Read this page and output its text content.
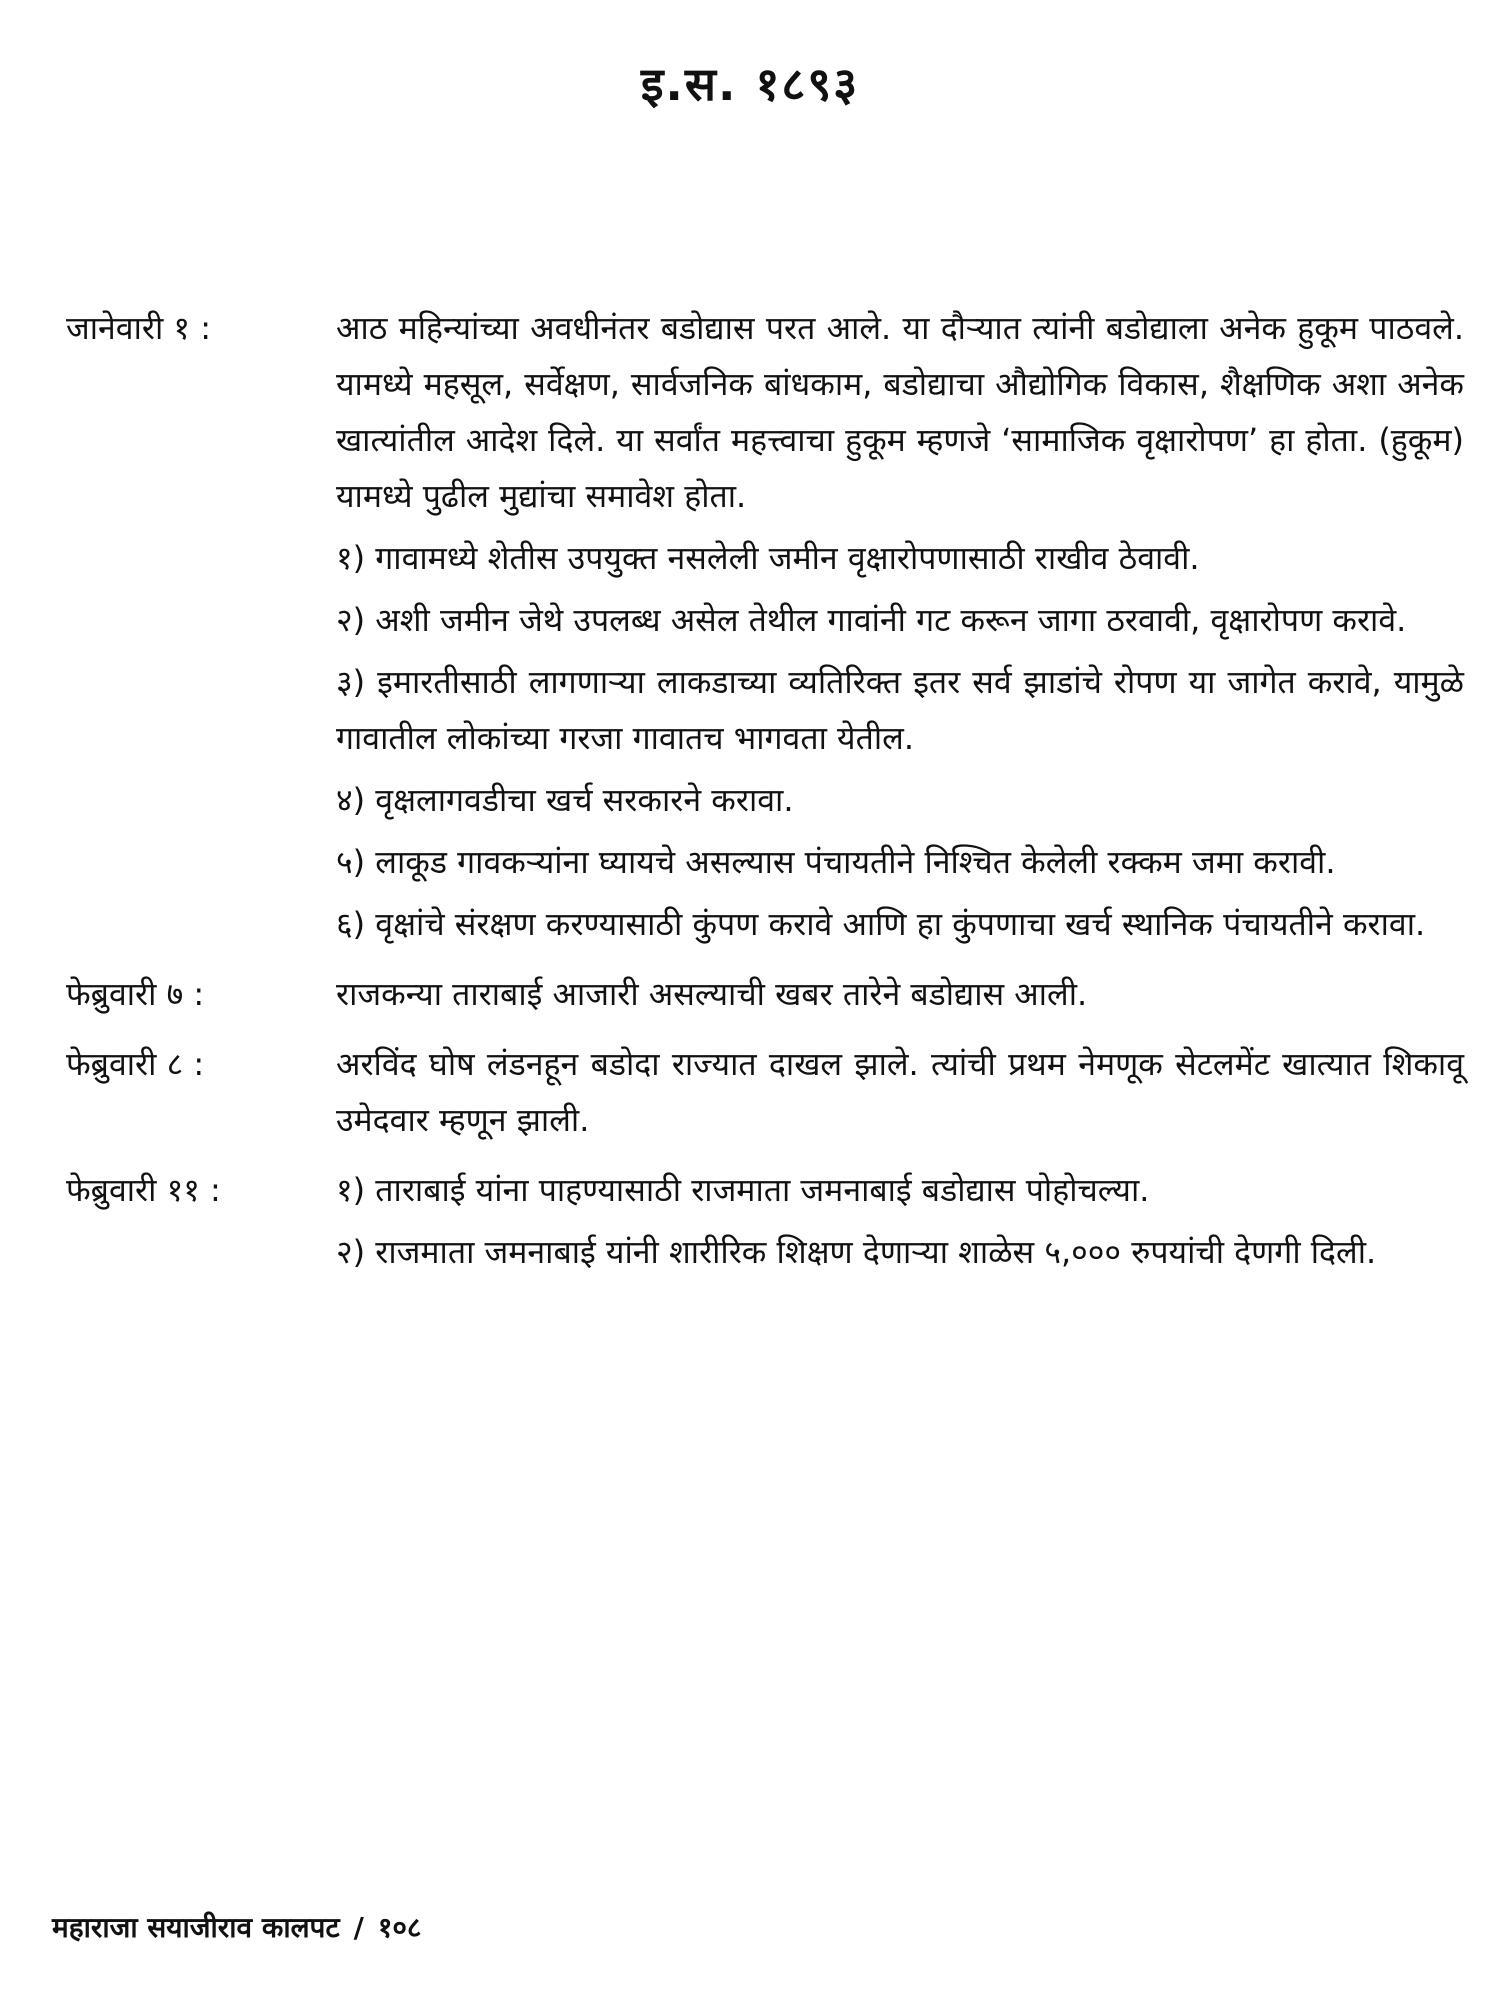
इ.स. १८९३
जानेवारी १ :	आठ महिन्यांच्या अवधीनंतर बडोद्यास परत आले. या दौऱ्यात त्यांनी बडोद्याला अनेक हुकूम पाठवले. यामध्ये महसूल, सर्वेक्षण, सार्वजनिक बांधकाम, बडोद्याचा औद्योगिक विकास, शैक्षणिक अशा अनेक खात्यांतील आदेश दिले. या सर्वांत महत्त्वाचा हुकूम म्हणजे ‘सामाजिक वृक्षारोपण’ हा होता. (हुकूम) यामध्ये पुढील मुद्यांचा समावेश होता.

१) गावामध्ये शेतीस उपयुक्त नसलेली जमीन वृक्षारोपणासाठी राखीव ठेवावी.

२) अशी जमीन जेथे उपलब्ध असेल तेथील गावांनी गट करून जागा ठरवावी, वृक्षारोपण करावे.

३) इमारतीसाठी लागणाऱ्या लाकडाच्या व्यतिरिक्त इतर सर्व झाडांचे रोपण या जागेत करावे, यामुळे गावातील लोकांच्या गरजा गावातच भागवता येतील.

४) वृक्षलागवडीचा खर्च सरकारने करावा.

५) लाकूड गावकऱ्यांना घ्यायचे असल्यास पंचायतीने निश्चित केलेली रक्कम जमा करावी.

६) वृक्षांचे संरक्षण करण्यासाठी कुंपण करावे आणि हा कुंपणाचा खर्च स्थानिक पंचायतीने करावा.

फेब्रुवारी ७ :	राजकन्या ताराबाई आजारी असल्याची खबर तारेने बडोद्यास आली.

फेब्रुवारी ८ :	अरविंद घोष लंडनहून बडोदा राज्यात दाखल झाले. त्यांची प्रथम नेमणूक सेटलमेंट खात्यात शिकावू उमेदवार म्हणून झाली.

फेब्रुवारी ११ :	१) ताराबाई यांना पाहण्यासाठी राजमाता जमनाबाई बडोद्यास पोहोचल्या.

२) राजमाता जमनाबाई यांनी शारीरिक शिक्षण देणाऱ्या शाळेस ५,००० रुपयांची देणगी दिली.

महाराजा सयाजीराव कालपट / १०८
